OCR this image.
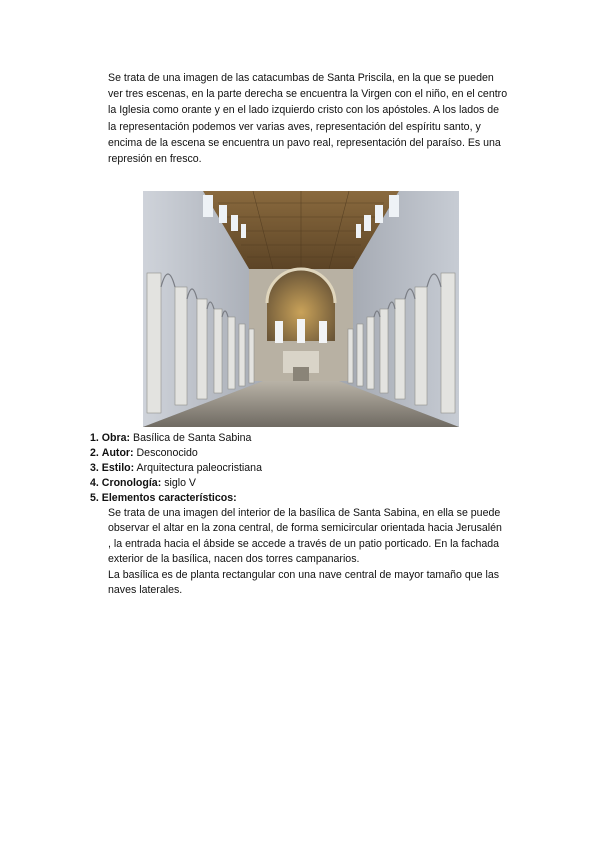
Se trata de una imagen de las catacumbas de Santa Priscila, en la que se pueden
ver tres escenas, en la parte derecha se encuentra la Virgen con el niño, en el centro
la Iglesia como orante y en el lado izquierdo cristo con los apóstoles. A los lados de
la representación podemos ver varias aves, representación del espíritu santo, y
encima de la escena se encuentra un pavo real, representación del paraíso. Es una
represión en fresco.
1. Obra: Basílica de Santa Sabina
2. Autor: Desconocido
3. Estilo: Arquitectura paleocristiana
4. Cronología: siglo V
5. Elementos característicos:
Se trata de una imagen del interior de la basílica de Santa Sabina, en ella se puede
observar el altar en la zona central, de forma semicircular orientada hacia Jerusalén
, la entrada hacia el ábside se accede a través de un patio porticado. En la fachada
exterior de la basílica, nacen dos torres campanarios.
La basílica es de planta rectangular con una nave central de mayor tamaño que las
naves laterales.
